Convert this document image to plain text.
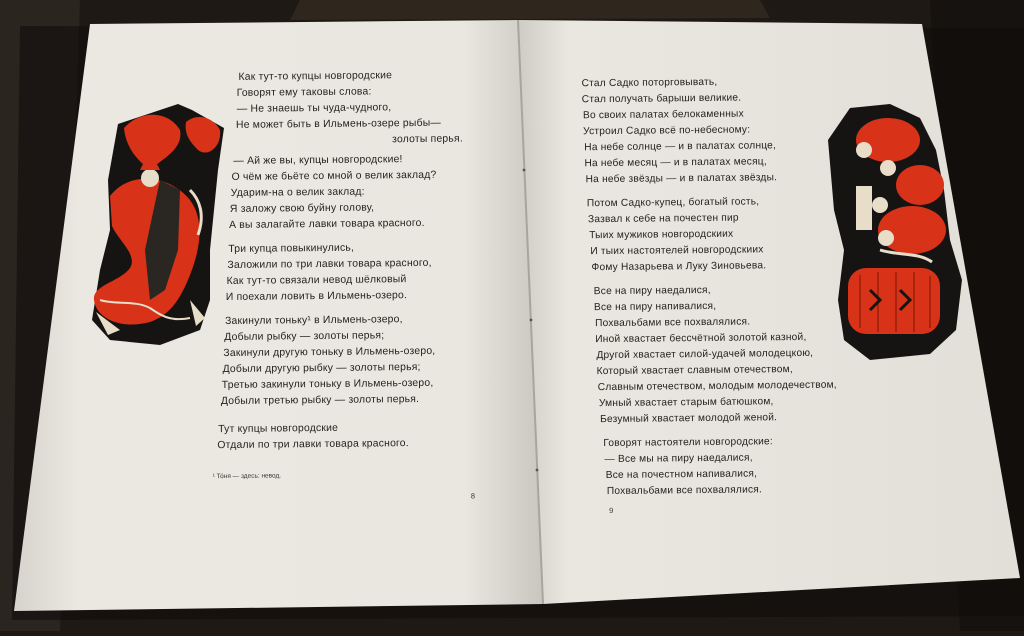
Как тут-то купцы новгородские

Говорят ему таковы слова:

— Не знаешь ты чуда-чудного,

Не может быть в Ильмень-озере рыбы—

золоты перья.

— Ай же вы, купцы новгородские!

О чём же бьёте со мной о велик заклад?

Ударим-на о велик заклад:

Я заложу свою буйну голову,

А вы залагайте лавки товара красного.

Три купца повыкинулись,

Заложили по три лавки товара красного,

Как тут-то связали невод шёлковый

И поехали ловить в Ильмень-озеро.

Закинули тоньку¹ в Ильмень-озеро,

Добыли рыбку — золоты перья;

Закинули другую тоньку в Ильмень-озеро,

Добыли другую рыбку — золоты перья;

Третью закинули тоньку в Ильмень-озеро,

Добыли третью рыбку — золоты перья.

Тут купцы новгородские

Отдали по три лавки товара красного.

¹ То́ня — здесь: невод.
8

Стал Садко поторговывать,

Стал получать барыши великие.

Во своих палатах белокаменных

Устроил Садко всё по-небесному:

На небе солнце — и в палатах солнце,

На небе месяц — и в палатах месяц,

На небе звёзды — и в палатах звёзды.

Потом Садко-купец, богатый гость,

Зазвал к себе на почестен пир

Тыих мужиков новгородскиих

И тыих настоятелей новгородскиих

Фому Назарьева и Луку Зиновьева.

Все на пиру наедалися,

Все на пиру напивалися,

Похвальбами все похвалялися.

Иной хвастает бессчётной золотой казной,

Другой хвастает силой-удачей молодецкою,

Который хвастает славным отечеством,

Славным отечеством, молодым молодечеством,

Умный хвастает старым батюшком,

Безумный хвастает молодой женой.

Говорят настоятели новгородские:

— Все мы на пиру наедалися,

Все на почестном напивалися,

Похвальбами все похвалялися.

9
